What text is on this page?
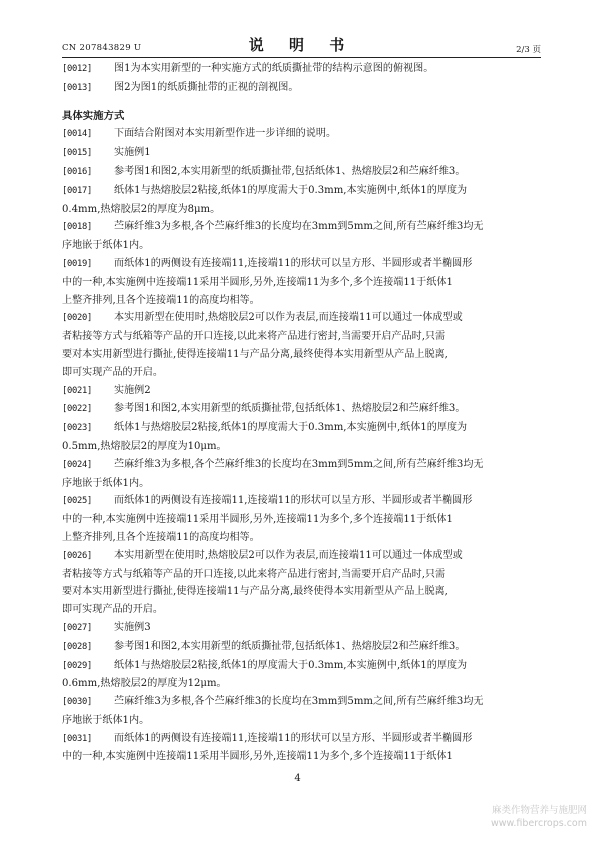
CN 207843829 U	说 明 书	2/3 页
[0012] 图1为本实用新型的一种实施方式的纸质撕扯带的结构示意图的俯视图。
[0013] 图2为图1的纸质撕扯带的正视的剖视图。
具体实施方式
[0014] 下面结合附图对本实用新型作进一步详细的说明。
[0015] 实施例1
[0016] 参考图1和图2,本实用新型的纸质撕扯带,包括纸体1、热熔胶层2和苎麻纤维3。
[0017] 纸体1与热熔胶层2粘接,纸体1的厚度需大于0.3mm,本实施例中,纸体1的厚度为
0.4mm,热熔胶层2的厚度为8μm。
[0018] 苎麻纤维3为多根,各个苎麻纤维3的长度均在3mm到5mm之间,所有苎麻纤维3均无
序地嵌于纸体1内。
[0019] 而纸体1的两侧设有连接端11,连接端11的形状可以呈方形、半圆形或者半椭圆形
中的一种,本实施例中连接端11采用半圆形,另外,连接端11为多个,多个连接端11于纸体1
上整齐排列,且各个连接端11的高度均相等。
[0020] 本实用新型在使用时,热熔胶层2可以作为表层,而连接端11可以通过一体成型或
者粘接等方式与纸箱等产品的开口连接,以此来将产品进行密封,当需要开启产品时,只需
要对本实用新型进行撕扯,使得连接端11与产品分离,最终使得本实用新型从产品上脱离,
即可实现产品的开启。
[0021] 实施例2
[0022] 参考图1和图2,本实用新型的纸质撕扯带,包括纸体1、热熔胶层2和苎麻纤维3。
[0023] 纸体1与热熔胶层2粘接,纸体1的厚度需大于0.3mm,本实施例中,纸体1的厚度为
0.5mm,热熔胶层2的厚度为10μm。
[0024] 苎麻纤维3为多根,各个苎麻纤维3的长度均在3mm到5mm之间,所有苎麻纤维3均无
序地嵌于纸体1内。
[0025] 而纸体1的两侧设有连接端11,连接端11的形状可以呈方形、半圆形或者半椭圆形
中的一种,本实施例中连接端11采用半圆形,另外,连接端11为多个,多个连接端11于纸体1
上整齐排列,且各个连接端11的高度均相等。
[0026] 本实用新型在使用时,热熔胶层2可以作为表层,而连接端11可以通过一体成型或
者粘接等方式与纸箱等产品的开口连接,以此来将产品进行密封,当需要开启产品时,只需
要对本实用新型进行撕扯,使得连接端11与产品分离,最终使得本实用新型从产品上脱离,
即可实现产品的开启。
[0027] 实施例3
[0028] 参考图1和图2,本实用新型的纸质撕扯带,包括纸体1、热熔胶层2和苎麻纤维3。
[0029] 纸体1与热熔胶层2粘接,纸体1的厚度需大于0.3mm,本实施例中,纸体1的厚度为
0.6mm,热熔胶层2的厚度为12μm。
[0030] 苎麻纤维3为多根,各个苎麻纤维3的长度均在3mm到5mm之间,所有苎麻纤维3均无
序地嵌于纸体1内。
[0031] 而纸体1的两侧设有连接端11,连接端11的形状可以呈方形、半圆形或者半椭圆形
中的一种,本实施例中连接端11采用半圆形,另外,连接端11为多个,多个连接端11于纸体1
4
麻类作物营养与施肥网
www.fibercrops.com
